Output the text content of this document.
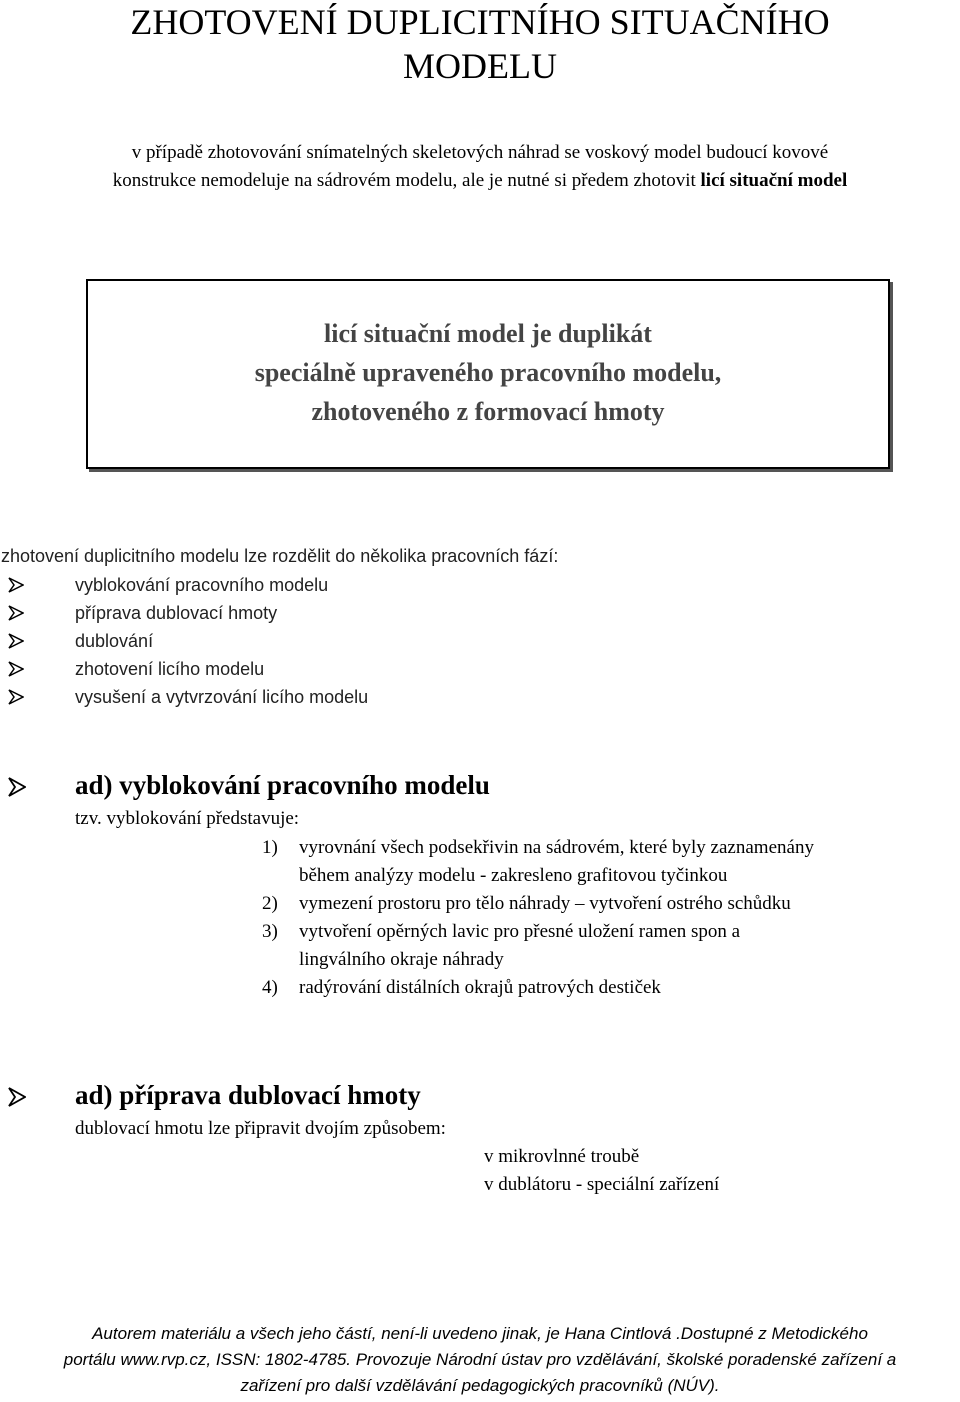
ZHOTOVENÍ DUPLICITNÍHO SITUAČNÍHO
MODELU
v případě zhotovování snímatelných skeletových náhrad se voskový model budoucí kovové
konstrukce nemodeluje na sádrovém modelu, ale je nutné si předem zhotovit licí situační model
licí situační model je duplikát
speciálně upraveného pracovního modelu,
zhotoveného z formovací hmoty
zhotovení duplicitního modelu lze rozdělit do několika pracovních fází:
vyblokování pracovního modelu
příprava dublovací hmoty
dublování
zhotovení licího modelu
vysušení a vytvrzování licího modelu
ad) vyblokování pracovního modelu
tzv. vyblokování představuje:
1) vyrovnání všech podsekřivin na sádrovém, které byly zaznamenány
během analýzy modelu - zakresleno grafitovou tyčinkou
2) vymezení prostoru pro tělo náhrady – vytvoření ostrého schůdku
3) vytvoření opěrných lavic pro přesné uložení ramen spon a
lingválního okraje náhrady
4) radýrování distálních okrajů patrových destiček
ad) příprava dublovací hmoty
dublovací hmotu lze připravit dvojím způsobem:
v mikrovlnné troubě
v dublátoru - speciální zařízení
Autorem materiálu a všech jeho částí, není-li uvedeno jinak, je Hana Cintlová .Dostupné z Metodického
portálu www.rvp.cz, ISSN: 1802-4785. Provozuje Národní ústav pro vzdělávání, školské poradenské zařízení a
zařízení pro další vzdělávání pedagogických pracovníků (NÚV).
